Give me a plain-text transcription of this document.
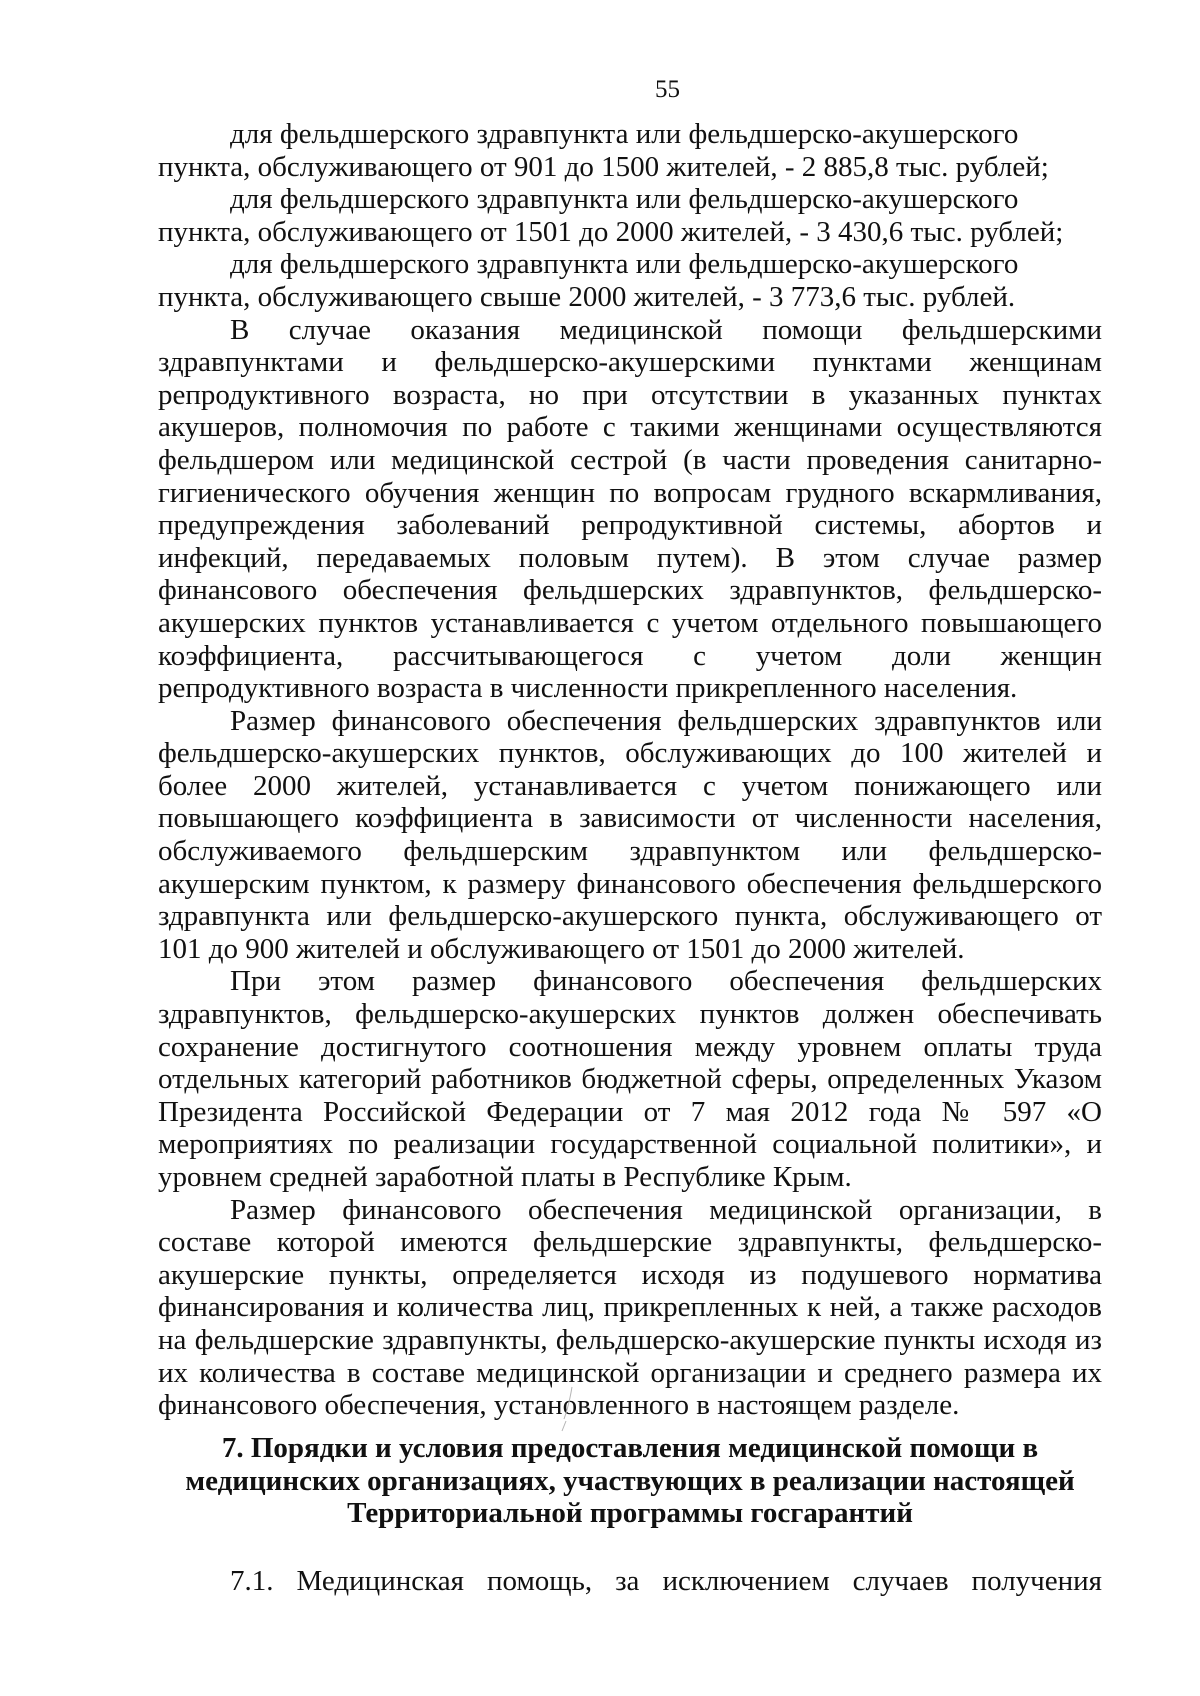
55

для фельдшерского здравпункта или фельдшерско-акушерского пункта, обслуживающего от 901 до 1500 жителей, - 2 885,8 тыс. рублей;

для фельдшерского здравпункта или фельдшерско-акушерского пункта, обслуживающего от 1501 до 2000 жителей, - 3 430,6 тыс. рублей;

для фельдшерского здравпункта или фельдшерско-акушерского пункта, обслуживающего свыше 2000 жителей, - 3 773,6 тыс. рублей.

В случае оказания медицинской помощи фельдшерскими здравпунктами и фельдшерско-акушерскими пунктами женщинам репродуктивного возраста, но при отсутствии в указанных пунктах акушеров, полномочия по работе с такими женщинами осуществляются фельдшером или медицинской сестрой (в части проведения санитарно-гигиенического обучения женщин по вопросам грудного вскармливания, предупреждения заболеваний репродуктивной системы, абортов и инфекций, передаваемых половым путем). В этом случае размер финансового обеспечения фельдшерских здравпунктов, фельдшерско-акушерских пунктов устанавливается с учетом отдельного повышающего коэффициента, рассчитывающегося с учетом доли женщин репродуктивного возраста в численности прикрепленного населения.

Размер финансового обеспечения фельдшерских здравпунктов или фельдшерско-акушерских пунктов, обслуживающих до 100 жителей и более 2000 жителей, устанавливается с учетом понижающего или повышающего коэффициента в зависимости от численности населения, обслуживаемого фельдшерским здравпунктом или фельдшерско-акушерским пунктом, к размеру финансового обеспечения фельдшерского здравпункта или фельдшерско-акушерского пункта, обслуживающего от 101 до 900 жителей и обслуживающего от 1501 до 2000 жителей.

При этом размер финансового обеспечения фельдшерских здравпунктов, фельдшерско-акушерских пунктов должен обеспечивать сохранение достигнутого соотношения между уровнем оплаты труда отдельных категорий работников бюджетной сферы, определенных Указом Президента Российской Федерации от 7 мая 2012 года № 597 «О мероприятиях по реализации государственной социальной политики», и уровнем средней заработной платы в Республике Крым.

Размер финансового обеспечения медицинской организации, в составе которой имеются фельдшерские здравпункты, фельдшерско-акушерские пункты, определяется исходя из подушевого норматива финансирования и количества лиц, прикрепленных к ней, а также расходов на фельдшерские здравпункты, фельдшерско-акушерские пункты исходя из их количества в составе медицинской организации и среднего размера их финансового обеспечения, установленного в настоящем разделе.

7. Порядки и условия предоставления медицинской помощи в
медицинских организациях, участвующих в реализации настоящей
Территориальной программы госгарантий

7.1. Медицинская помощь, за исключением случаев получения
